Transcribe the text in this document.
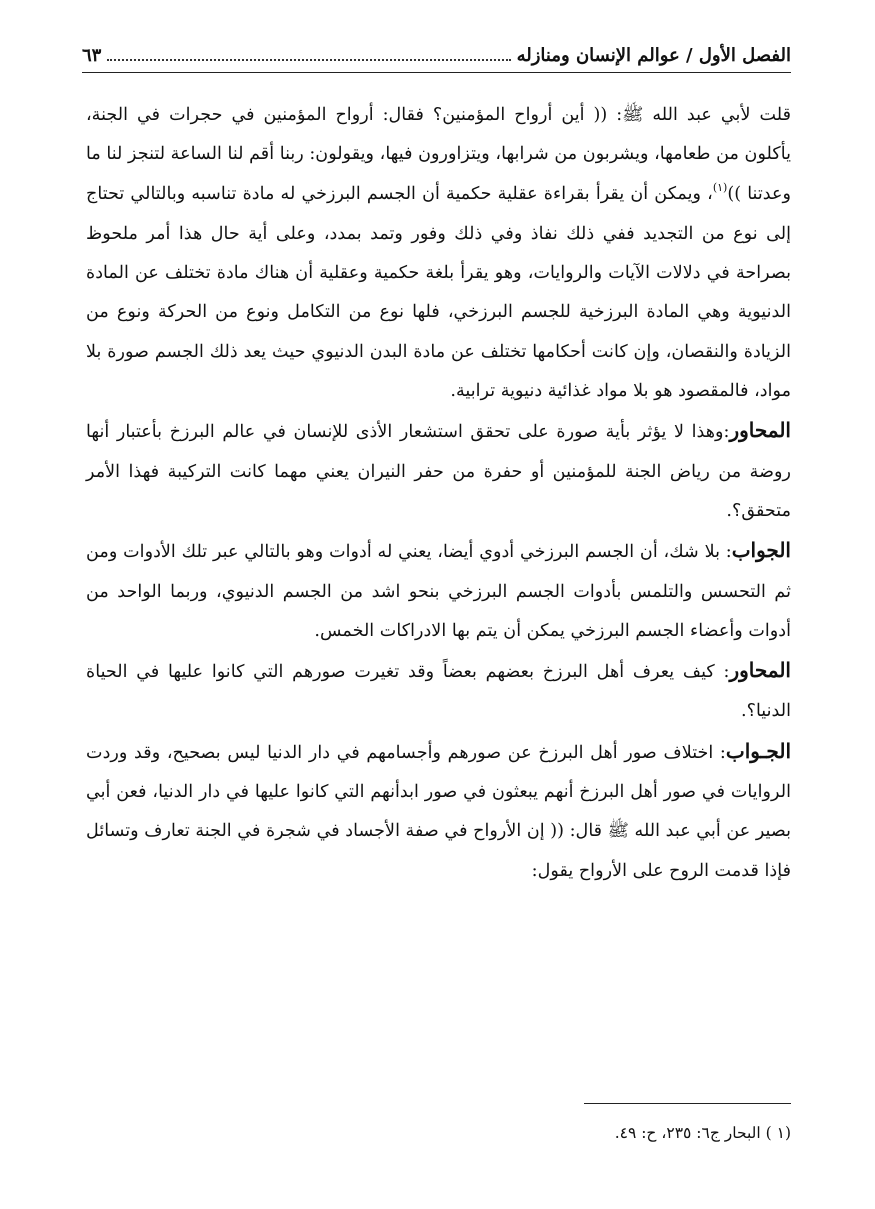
الفصل الأول / عوالم الإنسان ومنازله
٦٣

قلت لأبي عبد الله ﷺ: (( أين أرواح المؤمنين؟ فقال: أرواح المؤمنين في حجرات في الجنة، يأكلون من طعامها، ويشربون من شرابها، ويتزاورون فيها، ويقولون: ربنا أقم لنا الساعة لتنجز لنا ما وعدتنا ))$^{(١)}$، ويمكن أن يقرأ بقراءة عقلية حكمية أن الجسم البرزخي له مادة تناسبه وبالتالي تحتاج إلى نوع من التجديد ففي ذلك نفاذ وفي ذلك وفور وتمد بمدد، وعلى أية حال هذا أمر ملحوظ بصراحة في دلالات الآيات والروايات، وهو يقرأ بلغة حكمية وعقلية أن هناك مادة تختلف عن المادة الدنيوية وهي المادة البرزخية للجسم البرزخي، فلها نوع من التكامل ونوع من الحركة ونوع من الزيادة والنقصان، وإن كانت أحكامها تختلف عن مادة البدن الدنيوي حيث يعد ذلك الجسم صورة بلا مواد، فالمقصود هو بلا مواد غذائية دنيوية ترابية.

المحاور:وهذا لا يؤثر بأية صورة على تحقق استشعار الأذى للإنسان في عالم البرزخ بأعتبار أنها روضة من رياض الجنة للمؤمنين أو حفرة من حفر النيران يعني مهما كانت التركيبة فهذا الأمر متحقق؟.

الجواب: بلا شك، أن الجسم البرزخي أدوي أيضا، يعني له أدوات وهو بالتالي عبر تلك الأدوات ومن ثم التحسس والتلمس بأدوات الجسم البرزخي بنحو اشد من الجسم الدنيوي، وربما الواحد من أدوات وأعضاء الجسم البرزخي يمكن أن يتم بها الادراكات الخمس.

المحاور: كيف يعرف أهل البرزخ بعضهم بعضاً وقد تغيرت صورهم التي كانوا عليها في الحياة الدنيا؟.

الجـواب: اختلاف صور أهل البرزخ عن صورهم وأجسامهم في دار الدنيا ليس بصحيح، وقد وردت الروايات في صور أهل البرزخ أنهم يبعثون في صور ابدأنهم التي كانوا عليها في دار الدنيا، فعن أبي بصير عن أبي عبد الله ﷺ قال: (( إن الأرواح في صفة الأجساد في شجرة في الجنة تعارف وتسائل فإذا قدمت الروح على الأرواح يقول:

(١ ) البحار ج٦: ٢٣٥، ح: ٤٩.
